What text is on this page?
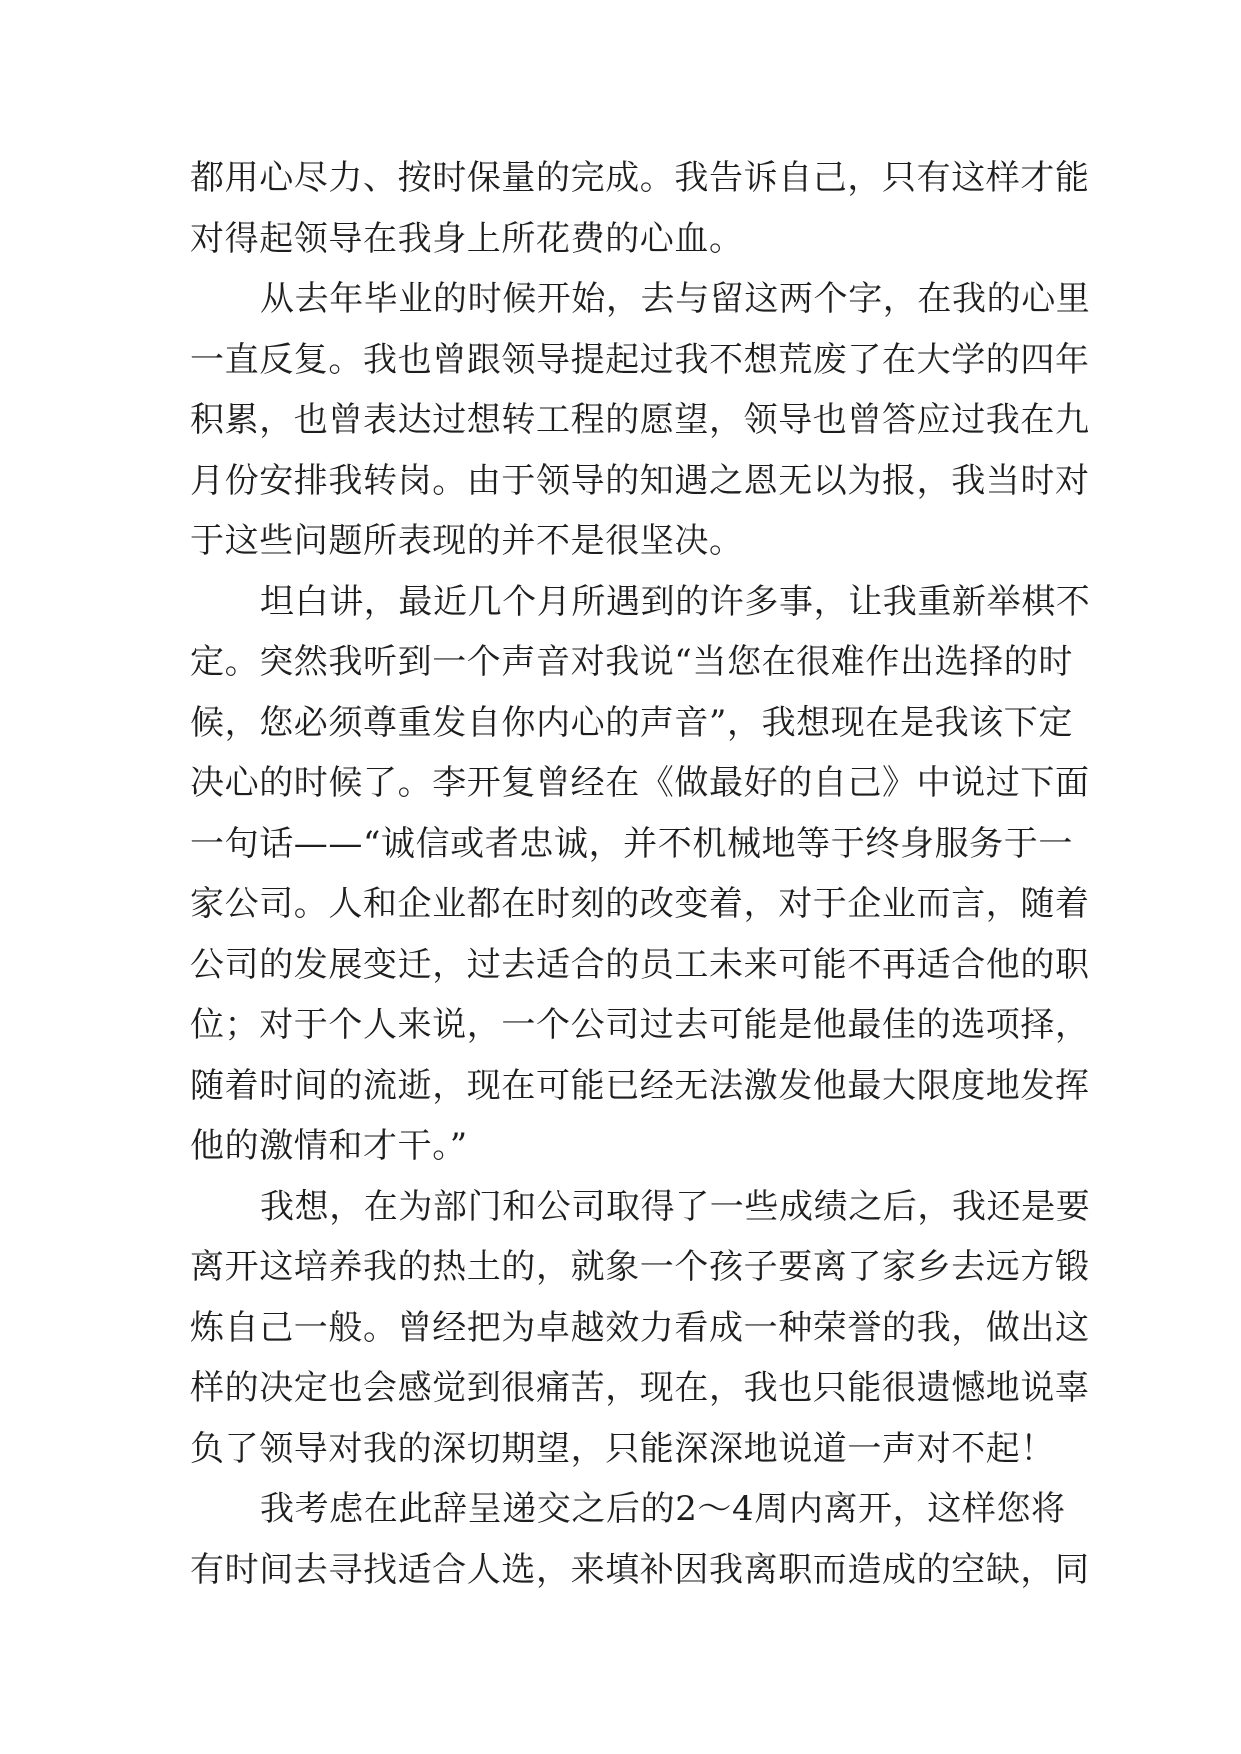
都用心尽力、按时保量的完成。我告诉自己，只有这样才能
对得起领导在我身上所花费的心血。
从去年毕业的时候开始，去与留这两个字，在我的心里
一直反复。我也曾跟领导提起过我不想荒废了在大学的四年
积累，也曾表达过想转工程的愿望，领导也曾答应过我在九
月份安排我转岗。由于领导的知遇之恩无以为报，我当时对
于这些问题所表现的并不是很坚决。
坦白讲，最近几个月所遇到的许多事，让我重新举棋不
定。突然我听到一个声音对我说“当您在很难作出选择的时
候，您必须尊重发自你内心的声音”，我想现在是我该下定
决心的时候了。李开复曾经在《做最好的自己》中说过下面
一句话——“诚信或者忠诚，并不机械地等于终身服务于一
家公司。人和企业都在时刻的改变着，对于企业而言，随着
公司的发展变迁，过去适合的员工未来可能不再适合他的职
位；对于个人来说，一个公司过去可能是他最佳的选项择，
随着时间的流逝，现在可能已经无法激发他最大限度地发挥
他的激情和才干。”
我想，在为部门和公司取得了一些成绩之后，我还是要
离开这培养我的热土的，就象一个孩子要离了家乡去远方锻
炼自己一般。曾经把为卓越效力看成一种荣誉的我，做出这
样的决定也会感觉到很痛苦，现在，我也只能很遗憾地说辜
负了领导对我的深切期望，只能深深地说道一声对不起！
我考虑在此辞呈递交之后的2～4周内离开，这样您将
有时间去寻找适合人选，来填补因我离职而造成的空缺，同
